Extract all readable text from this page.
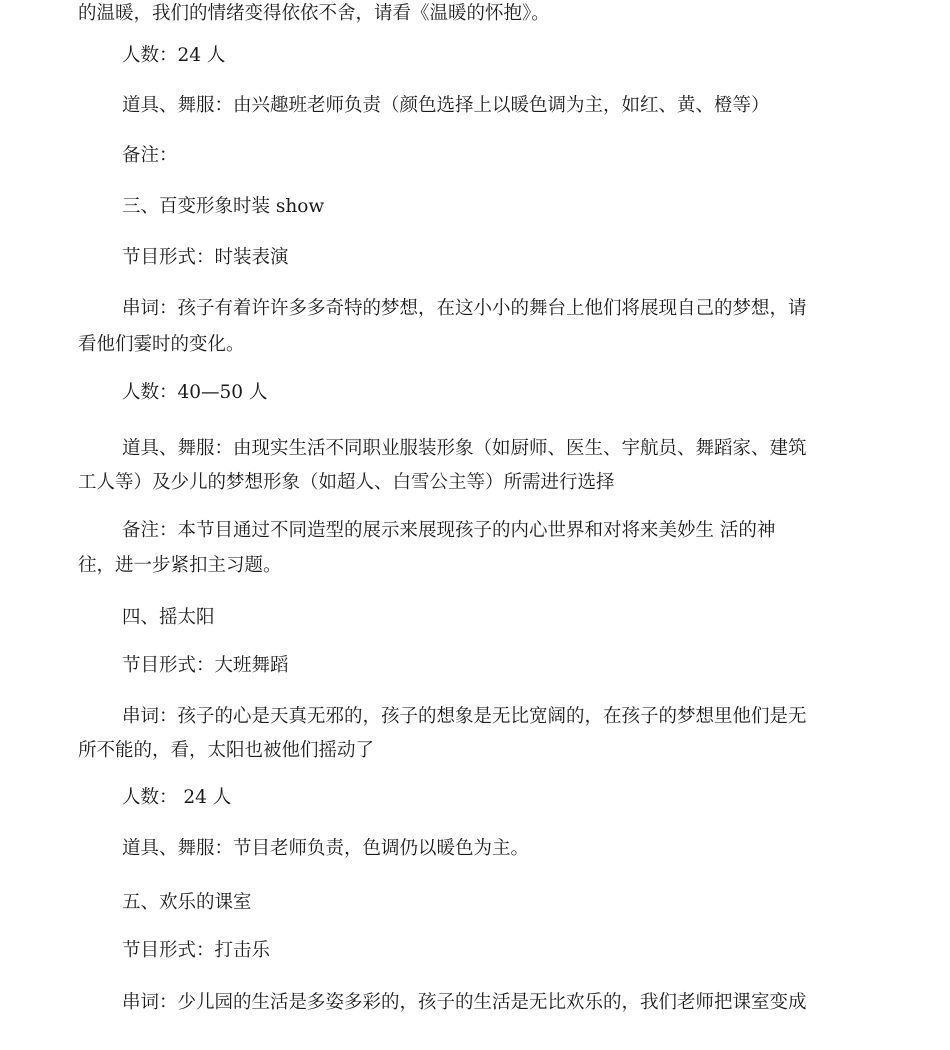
的温暖，我们的情绪变得依依不舍，请看《温暖的怀抱》。

人数：24 人

道具、舞服：由兴趣班老师负责（颜色选择上以暖色调为主，如红、黄、橙等）

备注：

三、百变形象时装 show

节目形式：时装表演

串词：孩子有着许许多多奇特的梦想，在这小小的舞台上他们将展现自己的梦想，请

看他们霎时的变化。

人数：40—50 人

道具、舞服：由现实生活不同职业服装形象（如厨师、医生、宇航员、舞蹈家、建筑

工人等）及少儿的梦想形象（如超人、白雪公主等）所需进行选择

备注：本节目通过不同造型的展示来展现孩子的内心世界和对将来美妙生 活的神

往，进一步紧扣主习题。

四、摇太阳

节目形式：大班舞蹈

串词：孩子的心是天真无邪的，孩子的想象是无比宽阔的，在孩子的梦想里他们是无

所不能的，看，太阳也被他们摇动了

人数： 24 人

道具、舞服：节目老师负责，色调仍以暖色为主。

五、欢乐的课室

节目形式：打击乐

串词：少儿园的生活是多姿多彩的，孩子的生活是无比欢乐的，我们老师把课室变成
